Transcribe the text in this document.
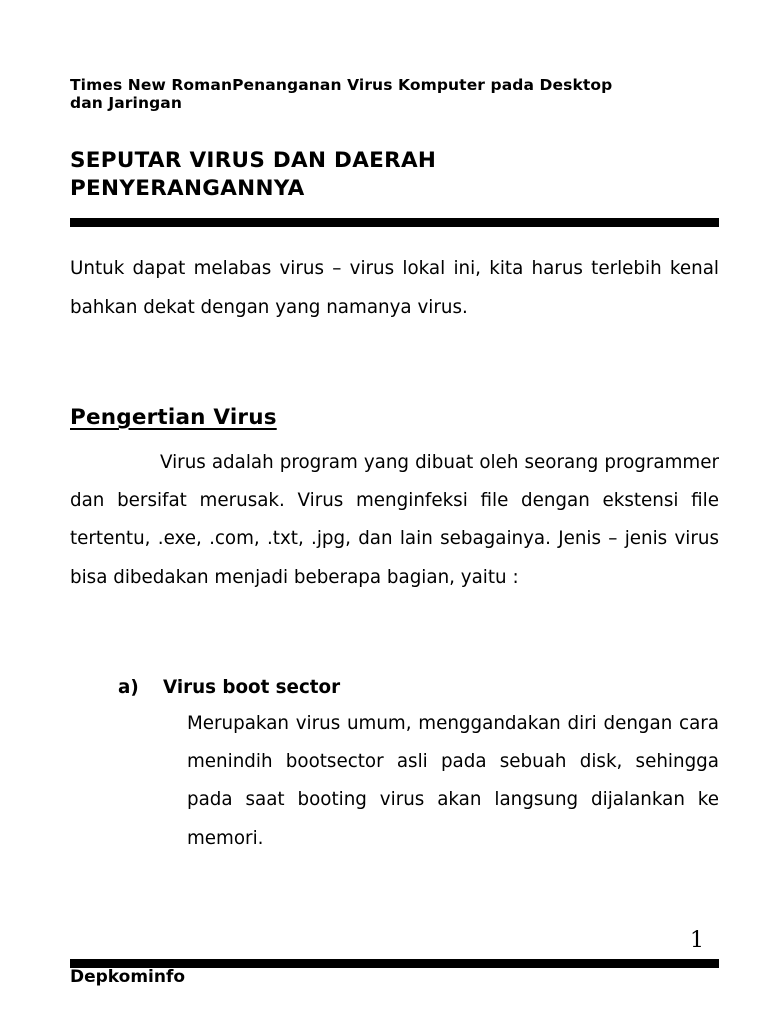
Times New RomanPenanganan Virus Komputer pada Desktop
dan Jaringan
SEPUTAR VIRUS DAN DAERAH
PENYERANGANNYA

Untuk dapat melabas virus – virus lokal ini, kita harus terlebih kenal bahkan dekat dengan yang namanya virus.

Pengertian Virus

Virus adalah program yang dibuat oleh seorang programmer dan bersifat merusak. Virus menginfeksi file dengan ekstensi file tertentu, .exe, .com, .txt, .jpg, dan lain sebagainya. Jenis – jenis virus bisa dibedakan menjadi beberapa bagian, yaitu :

a)	Virus boot sector

Merupakan virus umum, menggandakan diri dengan cara menindih bootsector asli pada sebuah disk, sehingga pada saat booting virus akan langsung dijalankan ke memori.

1
Depkominfo
